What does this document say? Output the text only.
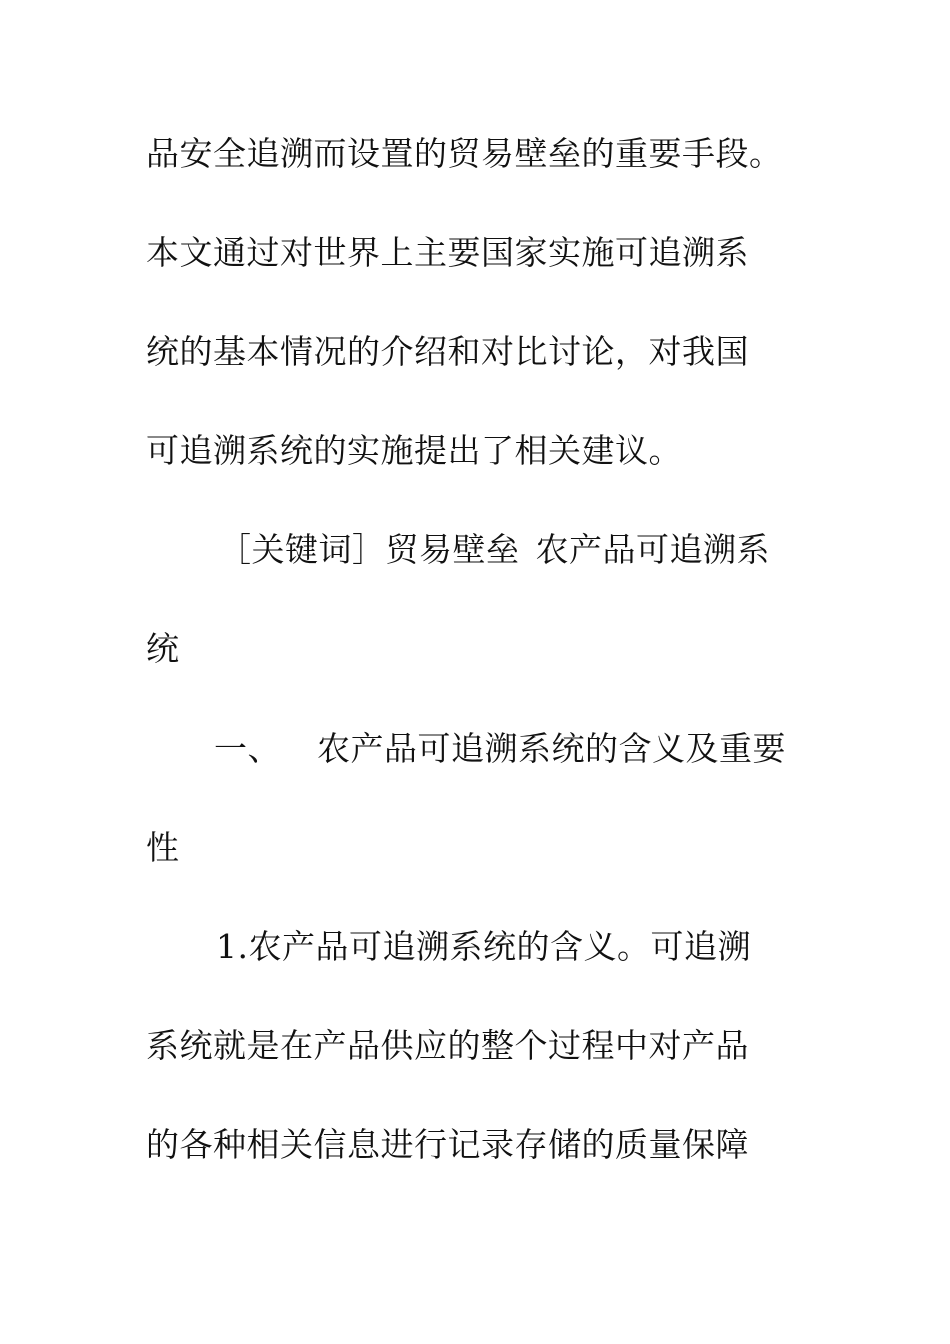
品安全追溯而设置的贸易壁垒的重要手段。
本文通过对世界上主要国家实施可追溯系
统的基本情况的介绍和对比讨论，对我国
可追溯系统的实施提出了相关建议。
［关键词］贸易壁垒 农产品可追溯系
统
一、 农产品可追溯系统的含义及重要
性
1.农产品可追溯系统的含义。可追溯
系统就是在产品供应的整个过程中对产品
的各种相关信息进行记录存储的质量保障
